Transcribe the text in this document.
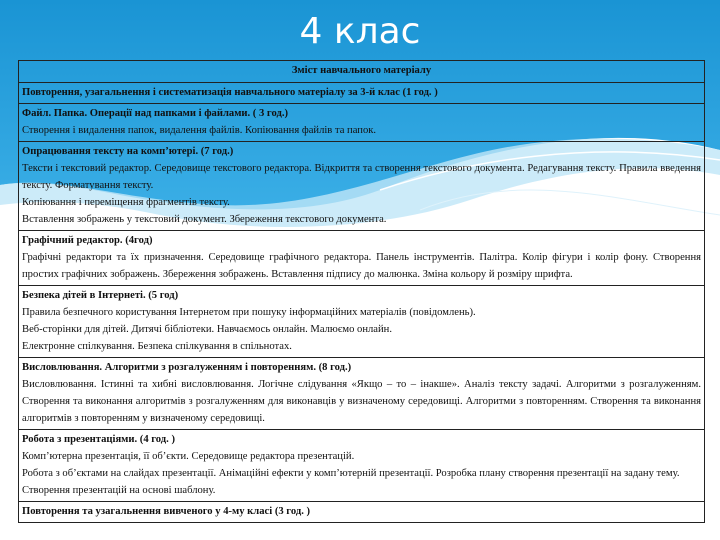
4 клас
Зміст навчального матеріалу

Повторення, узагальнення і систематизація навчального матеріалу за 3-й клас (1 год. )

Файл. Папка. Операції над папками і файлами. ( 3 год.)
Створення і видалення папок, видалення файлів. Копіювання файлів та папок.

Опрацювання тексту на комп’ютері. (7 год.)
Тексти і текстовий редактор. Середовище текстового редактора. Відкриття та створення текстового документа. Редагування тексту. Правила введення тексту. Форматування тексту.
Копіювання і переміщення фрагментів тексту.
Вставлення зображень у текстовий документ. Збереження текстового документа.

Графічний редактор. (4год)
Графічні редактори та їх призначення. Середовище графічного редактора. Панель інструментів. Палітра. Колір фігури і колір фону. Створення простих графічних зображень. Збереження зображень. Вставлення підпису до малюнка. Зміна кольору й розміру шрифта.

Безпека дітей в Інтернеті. (5 год)
Правила безпечного користування Інтернетом при пошуку інформаційних матеріалів (повідомлень).
Веб-сторінки для дітей. Дитячі бібліотеки. Навчаємось онлайн. Малюємо онлайн.
Електронне спілкування. Безпека спілкування в спільнотах.

Висловлювання. Алгоритми з розгалуженням і повторенням. (8 год.)
Висловлювання. Істинні та хибні висловлювання. Логічне слідування «Якщо – то – інакше». Аналіз тексту задачі. Алгоритми з розгалуженням. Створення та виконання алгоритмів з розгалуженням для виконавців у визначеному середовищі. Алгоритми з повторенням. Створення та виконання алгоритмів з повторенням у визначеному середовищі.

Робота з презентаціями. (4 год. )
Комп’ютерна презентація, її об’єкти. Середовище редактора презентацій.
Робота з об’єктами на слайдах презентації. Анімаційні ефекти у комп’ютерній презентації. Розробка плану створення презентації на задану тему.
Створення презентацій на основі шаблону.

Повторення та узагальнення вивченого у 4-му класі (3 год. )
